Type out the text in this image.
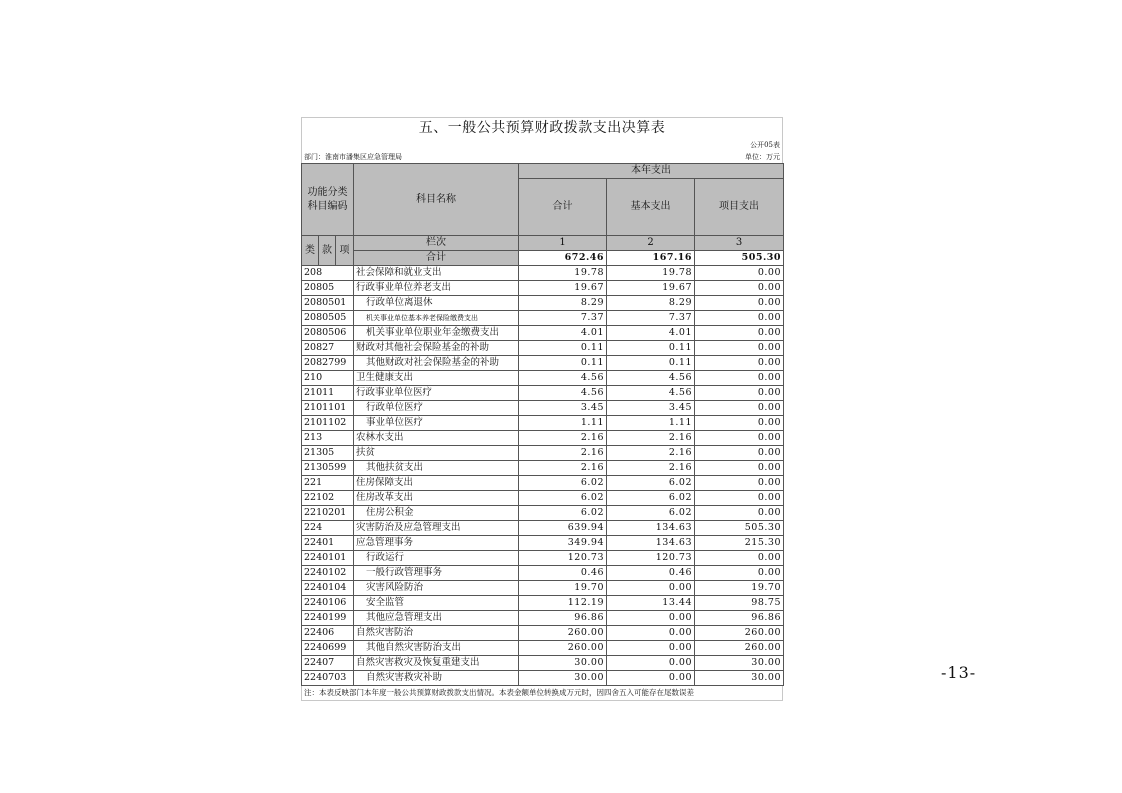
五、一般公共预算财政拨款支出决算表
公开05表
部门：淮南市潘集区应急管理局	单位：万元
功能分类
科目编码			科目名称	本年支出		
				合计	基本支出	项目支出

类	款	项	栏次	1	2	3
			合计	672.46	167.16	505.30
208			社会保障和就业支出	19.78	19.78	0.00
20805			行政事业单位养老支出	19.67	19.67	0.00
2080501			行政单位离退休	8.29	8.29	0.00
2080505			机关事业单位基本养老保险缴费支出	7.37	7.37	0.00
2080506			机关事业单位职业年金缴费支出	4.01	4.01	0.00
20827			财政对其他社会保险基金的补助	0.11	0.11	0.00
2082799			其他财政对社会保险基金的补助	0.11	0.11	0.00
210			卫生健康支出	4.56	4.56	0.00
21011			行政事业单位医疗	4.56	4.56	0.00
2101101			行政单位医疗	3.45	3.45	0.00
2101102			事业单位医疗	1.11	1.11	0.00
213			农林水支出	2.16	2.16	0.00
21305			扶贫	2.16	2.16	0.00
2130599			其他扶贫支出	2.16	2.16	0.00
221			住房保障支出	6.02	6.02	0.00
22102			住房改革支出	6.02	6.02	0.00
2210201			住房公积金	6.02	6.02	0.00
224			灾害防治及应急管理支出	639.94	134.63	505.30
22401			应急管理事务	349.94	134.63	215.30
2240101			行政运行	120.73	120.73	0.00
2240102			一般行政管理事务	0.46	0.46	0.00
2240104			灾害风险防治	19.70	0.00	19.70
2240106			安全监管	112.19	13.44	98.75
2240199			其他应急管理支出	96.86	0.00	96.86
22406			自然灾害防治	260.00	0.00	260.00
2240699			其他自然灾害防治支出	260.00	0.00	260.00
22407			自然灾害救灾及恢复重建支出	30.00	0.00	30.00
2240703			自然灾害救灾补助	30.00	0.00	30.00
注：本表反映部门本年度一般公共预算财政拨款支出情况。本表金额单位转换成万元时，因四舍五入可能存在尾数误差
-13-
